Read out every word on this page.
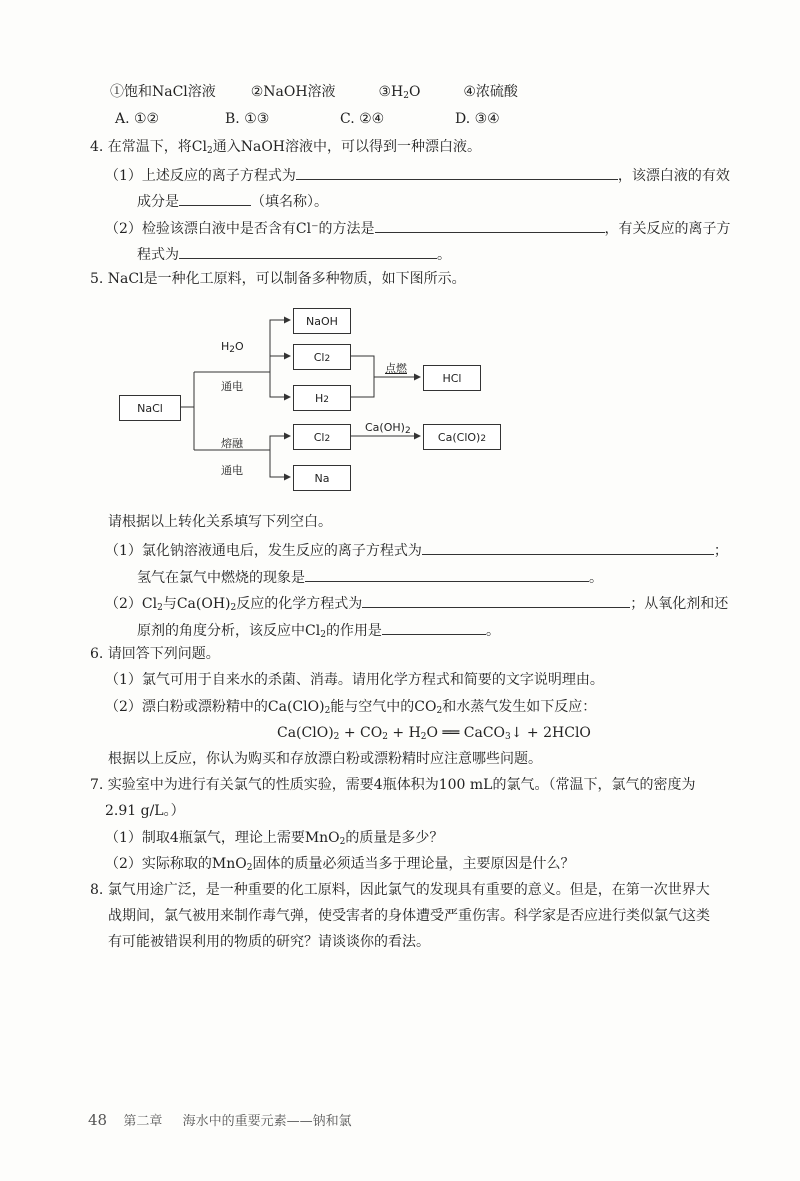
①饱和NaCl溶液 ②NaOH溶液	$③H_2O$	④浓硫酸
A. ①②	B. ①③	C. ②④	D. ③④
4. 在常温下，将$Cl_2$通入NaOH溶液中，可以得到一种漂白液。
（1）上述反应的离子方程式为	，该漂白液的有效
成分是	（填名称）。
（2）检验该漂白液中是否含有Cl⁻的方法是	，有关反应的离子方
程式为	。
5. NaCl是一种化工原料，可以制备多种物质，如下图所示。
NaCl
NaOH
$Cl_2$
$H_2$
HCl
$Cl_2$
Na
$Ca(ClO)_2$
$H_2O$
通电
点燃
$Ca(OH)_2$
熔融
通电
请根据以上转化关系填写下列空白。
（1）氯化钠溶液通电后，发生反应的离子方程式为	；
氢气在氯气中燃烧的现象是	。
$(2)Cl_2$与$Ca(OH)_2$反应的化学方程式为	；从氧化剂和还
原剂的角度分析，该反应中$Cl_2$的作用是	。
6. 请回答下列问题。
（1）氯气可用于自来水的杀菌、消毒。请用化学方程式和简要的文字说明理由。
（2）漂白粉或漂粉精中的$Ca(ClO)_2$能与空气中的$CO_2$和水蒸气发生如下反应：
$Ca(ClO)_2 + CO_2 + H_2O$ ══ CaCO$_3$↓ + 2HClO
根据以上反应，你认为购买和存放漂白粉或漂粉精时应注意哪些问题。
7. 实验室中为进行有关氯气的性质实验，需要4瓶体积为100 mL的氯气。（常温下，氯气的密度为
2.91 g/L。）
（1）制取4瓶氯气，理论上需要MnO$_2$的质量是多少？
（2）实际称取的MnO$_2$固体的质量必须适当多于理论量，主要原因是什么？
8. 氯气用途广泛，是一种重要的化工原料，因此氯气的发现具有重要的意义。但是，在第一次世界大
战期间，氯气被用来制作毒气弹，使受害者的身体遭受严重伤害。科学家是否应进行类似氯气这类
有可能被错误利用的物质的研究？请谈谈你的看法。
48 第二章 海水中的重要元素——钠和氯
